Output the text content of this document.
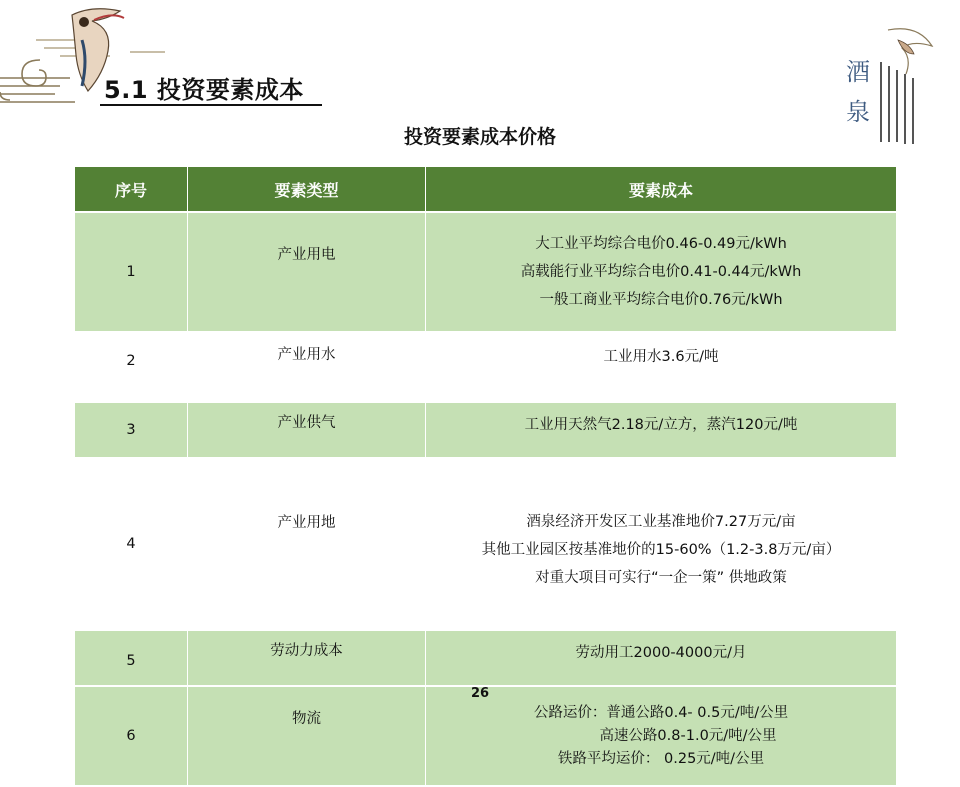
酒
泉
5.1 投资要素成本
投资要素成本价格
序号	要素类型	要素成本
1	产业用电	大工业平均综合电价0.46-0.49元/kWh
高载能行业平均综合电价0.41-0.44元/kWh
一般工商业平均综合电价0.76元/kWh

2	产业用水	工业用水3.6元/吨

3	产业供气	工业用天然气2.18元/立方，蒸汽120元/吨

4	产业用地	酒泉经济开发区工业基准地价7.27万元/亩
其他工业园区按基准地价的15-60%（1.2-3.8万元/亩）
对重大项目可实行“一企一策” 供地政策

5	劳动力成本	劳动用工2000-4000元/月

6	物流	公路运价：普通公路0.4- 0.5元/吨/公里
高速公路0.8-1.0元/吨/公里
铁路平均运价： 0.25元/吨/公里
26
